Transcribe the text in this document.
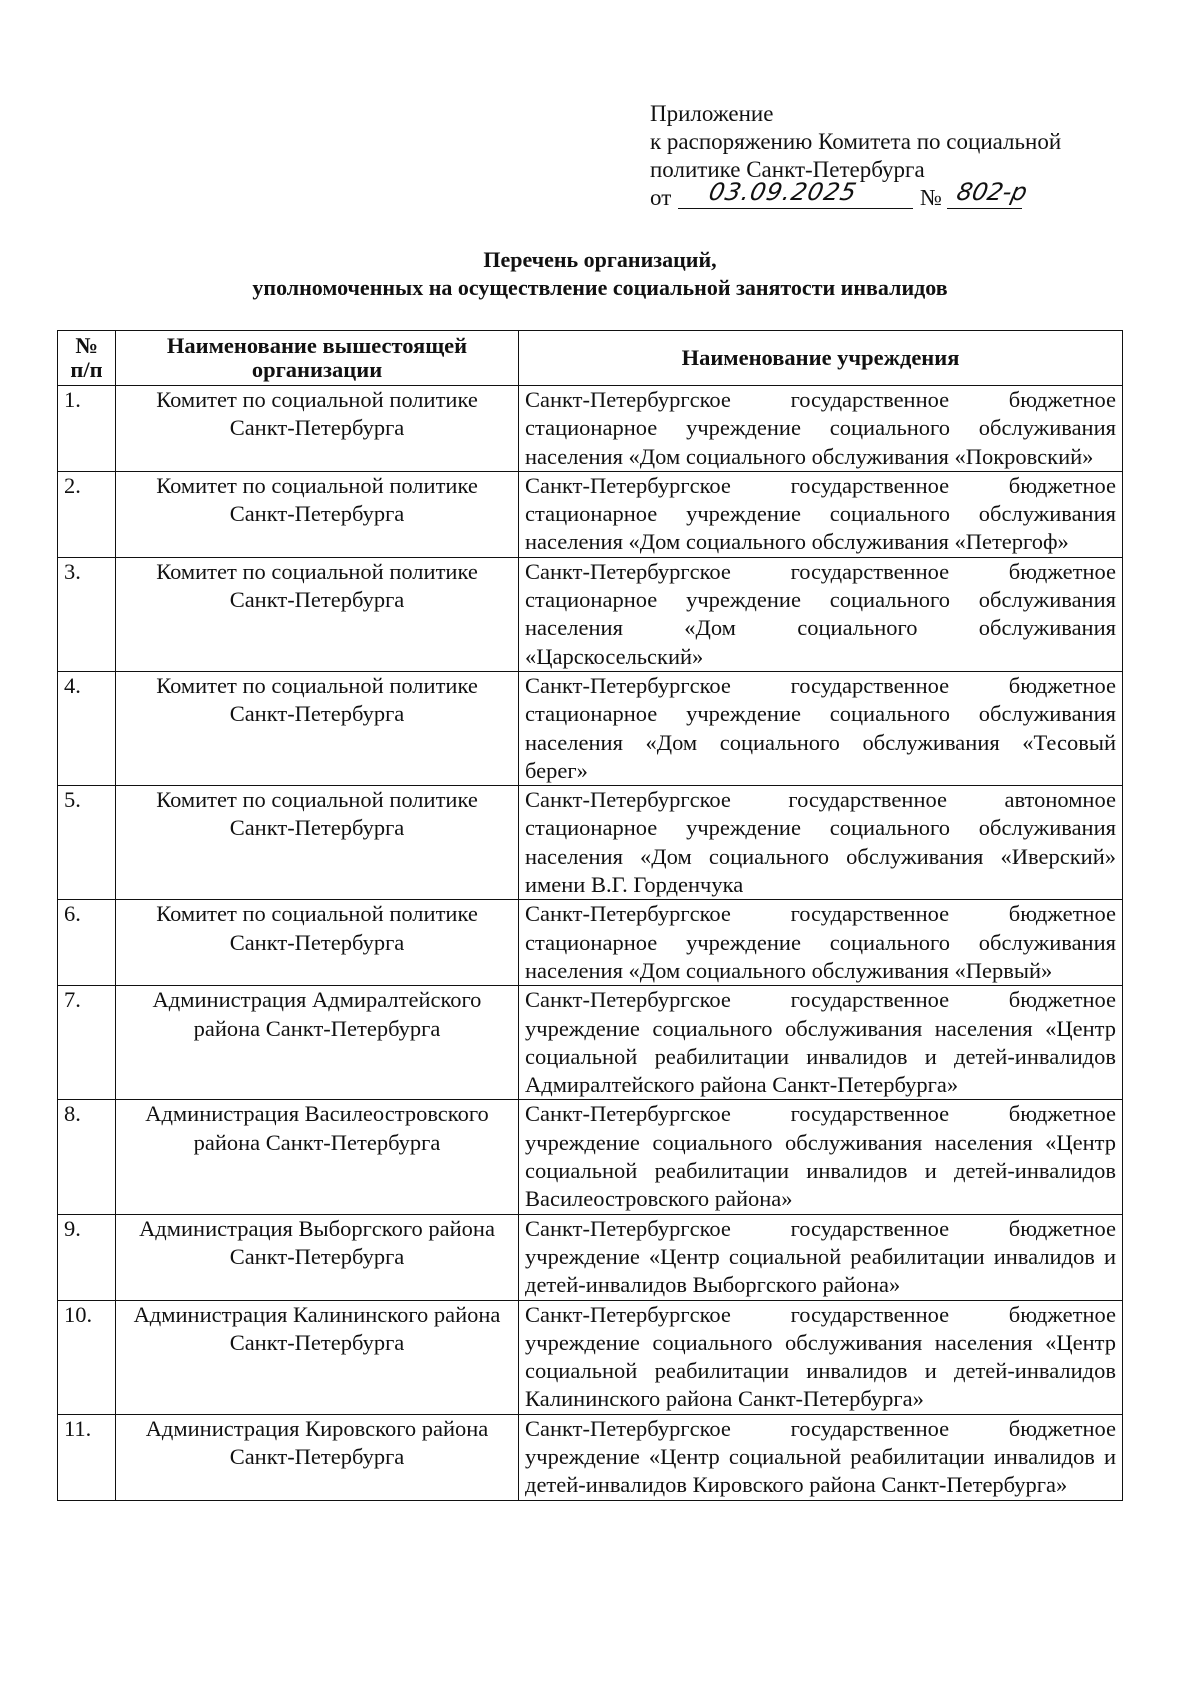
Приложение
к распоряжению Комитета по социальной
политике Санкт-Петербурга
от	03.09.2025	№ 802-р
Перечень организаций,
уполномоченных на осуществление социальной занятости инвалидов
№ п/п	Наименование вышестоящей организации	Наименование учреждения
1.	Комитет по социальной политике Санкт-Петербурга	Санкт-Петербургское государственное бюджетное стационарное учреждение социального обслуживания населения «Дом социального обслуживания «Покровский»
2.	Комитет по социальной политике Санкт-Петербурга	Санкт-Петербургское государственное бюджетное стационарное учреждение социального обслуживания населения «Дом социального обслуживания «Петергоф»
3.	Комитет по социальной политике Санкт-Петербурга	Санкт-Петербургское государственное бюджетное стационарное учреждение социального обслуживания населения «Дом социального обслуживания «Царскосельский»
4.	Комитет по социальной политике Санкт-Петербурга	Санкт-Петербургское государственное бюджетное стационарное учреждение социального обслуживания населения «Дом социального обслуживания «Тесовый берег»
5.	Комитет по социальной политике Санкт-Петербурга	Санкт-Петербургское государственное автономное стационарное учреждение социального обслуживания населения «Дом социального обслуживания «Иверский» имени В.Г. Горденчука
6.	Комитет по социальной политике Санкт-Петербурга	Санкт-Петербургское государственное бюджетное стационарное учреждение социального обслуживания населения «Дом социального обслуживания «Первый»
7.	Администрация Адмиралтейского района Санкт-Петербурга	Санкт-Петербургское государственное бюджетное учреждение социального обслуживания населения «Центр социальной реабилитации инвалидов и детей-инвалидов Адмиралтейского района Санкт-Петербурга»
8.	Администрация Василеостровского района Санкт-Петербурга	Санкт-Петербургское государственное бюджетное учреждение социального обслуживания населения «Центр социальной реабилитации инвалидов и детей-инвалидов Василеостровского района»
9.	Администрация Выборгского района Санкт-Петербурга	Санкт-Петербургское государственное бюджетное учреждение «Центр социальной реабилитации инвалидов и детей-инвалидов Выборгского района»
10.	Администрация Калининского района Санкт-Петербурга	Санкт-Петербургское государственное бюджетное учреждение социального обслуживания населения «Центр социальной реабилитации инвалидов и детей-инвалидов Калининского района Санкт-Петербурга»
11.	Администрация Кировского района Санкт-Петербурга	Санкт-Петербургское государственное бюджетное учреждение «Центр социальной реабилитации инвалидов и детей-инвалидов Кировского района Санкт-Петербурга»
